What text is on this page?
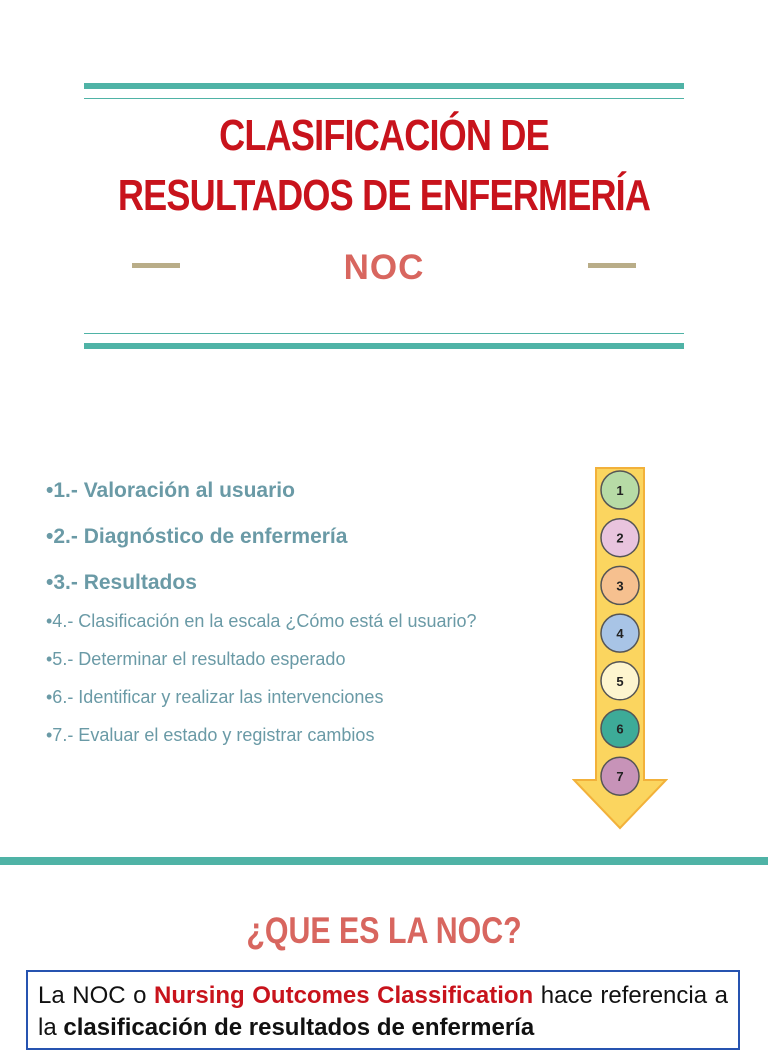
CLASIFICACIÓN DE
RESULTADOS DE ENFERMERÍA
NOC
•1.- Valoración al usuario
•2.- Diagnóstico de enfermería
•3.- Resultados
•4.- Clasificación en la escala ¿Cómo está el usuario?
•5.- Determinar el resultado esperado
•6.- Identificar y realizar las intervenciones
•7.- Evaluar el estado y registrar cambios
1
2
3
4
5
6
7
¿QUE ES LA NOC?
La NOC o Nursing Outcomes Classification hace referencia a la clasificación de resultados de enfermería
